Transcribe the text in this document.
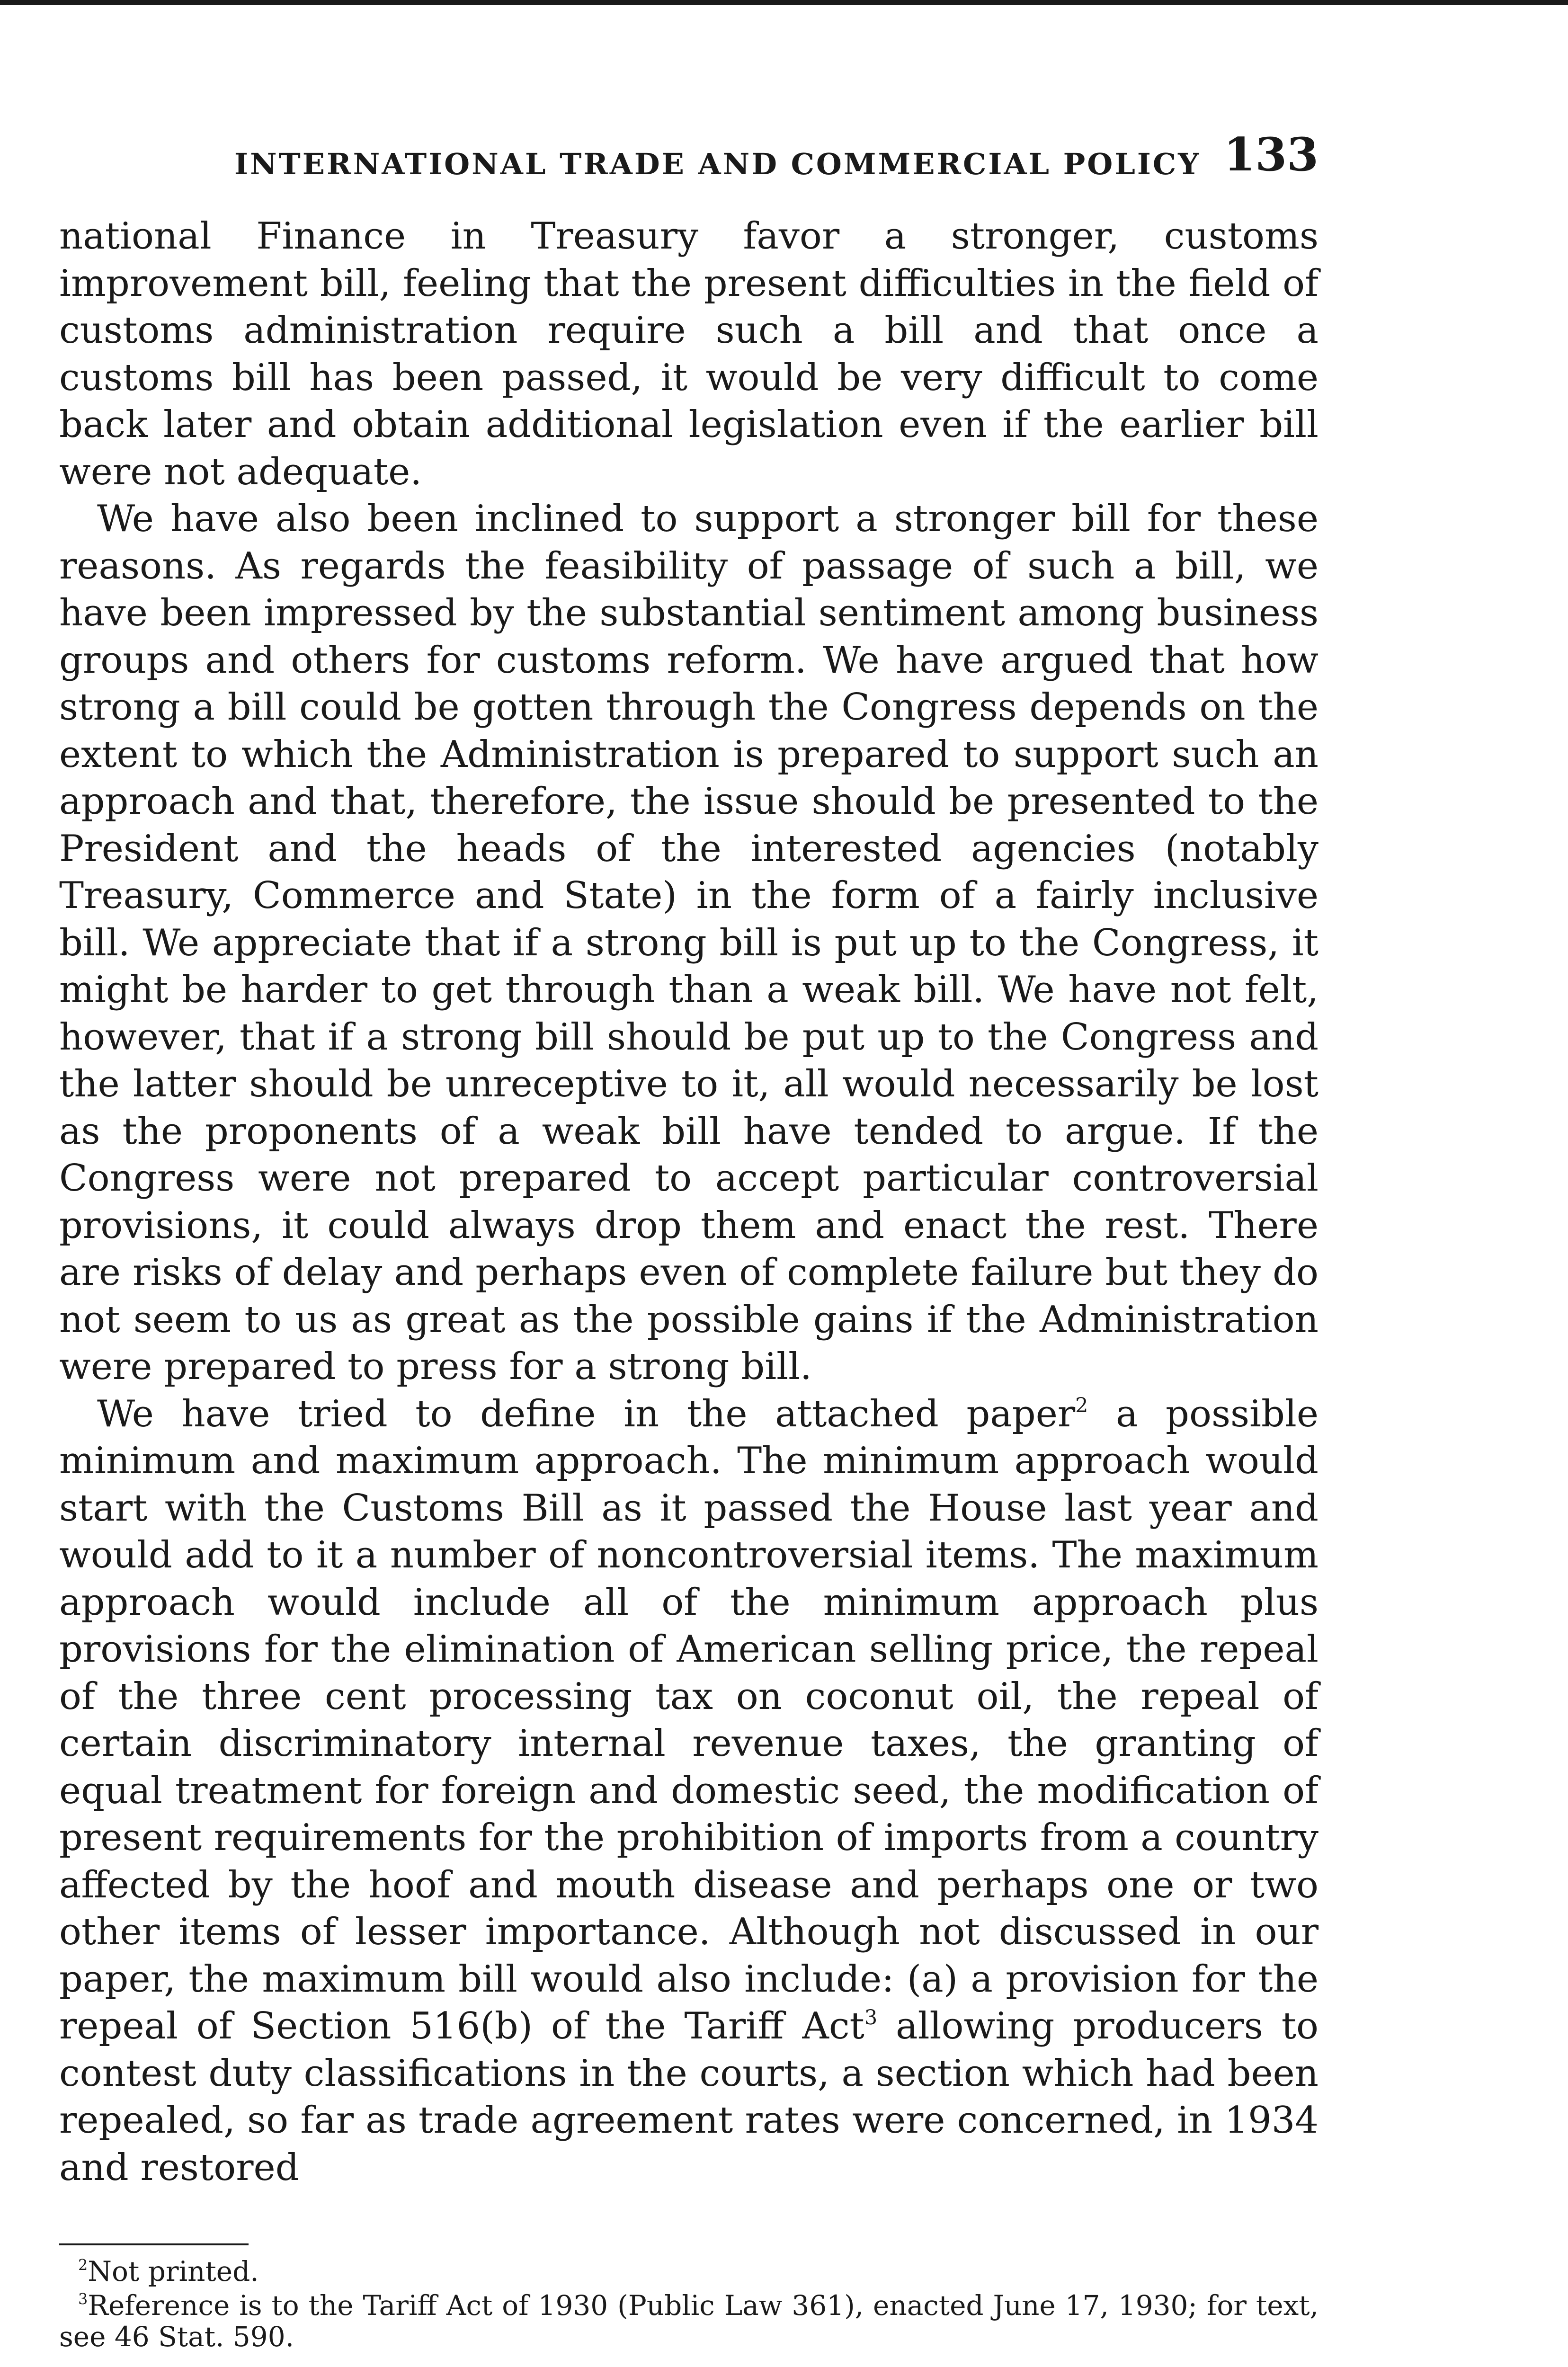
INTERNATIONAL TRADE AND COMMERCIAL POLICY 133

national Finance in Treasury favor a stronger, customs improvement bill, feeling that the present difficulties in the field of customs administration require such a bill and that once a customs bill has been passed, it would be very difficult to come back later and obtain additional legislation even if the earlier bill were not adequate.

We have also been inclined to support a stronger bill for these reasons. As regards the feasibility of passage of such a bill, we have been impressed by the substantial sentiment among business groups and others for customs reform. We have argued that how strong a bill could be gotten through the Congress depends on the extent to which the Administration is prepared to support such an approach and that, therefore, the issue should be presented to the President and the heads of the interested agencies (notably Treasury, Commerce and State) in the form of a fairly inclusive bill. We appreciate that if a strong bill is put up to the Congress, it might be harder to get through than a weak bill. We have not felt, however, that if a strong bill should be put up to the Congress and the latter should be unreceptive to it, all would necessarily be lost as the proponents of a weak bill have tended to argue. If the Congress were not prepared to accept particular controversial provisions, it could always drop them and enact the rest. There are risks of delay and perhaps even of complete failure but they do not seem to us as great as the possible gains if the Administration were prepared to press for a strong bill.

We have tried to define in the attached paper$^2$ a possible minimum and maximum approach. The minimum approach would start with the Customs Bill as it passed the House last year and would add to it a number of noncontroversial items. The maximum approach would include all of the minimum approach plus provisions for the elimination of American selling price, the repeal of the three cent processing tax on coconut oil, the repeal of certain discriminatory internal revenue taxes, the granting of equal treatment for foreign and domestic seed, the modification of present requirements for the prohibition of imports from a country affected by the hoof and mouth disease and perhaps one or two other items of lesser importance. Although not discussed in our paper, the maximum bill would also include: (a) a provision for the repeal of Section 516(b) of the Tariff Act$^3$ allowing producers to contest duty classifications in the courts, a section which had been repealed, so far as trade agreement rates were concerned, in 1934 and restored

$^2$Not printed.

$^3$Reference is to the Tariff Act of 1930 (Public Law 361), enacted June 17, 1930; for text, see 46 Stat. 590.
